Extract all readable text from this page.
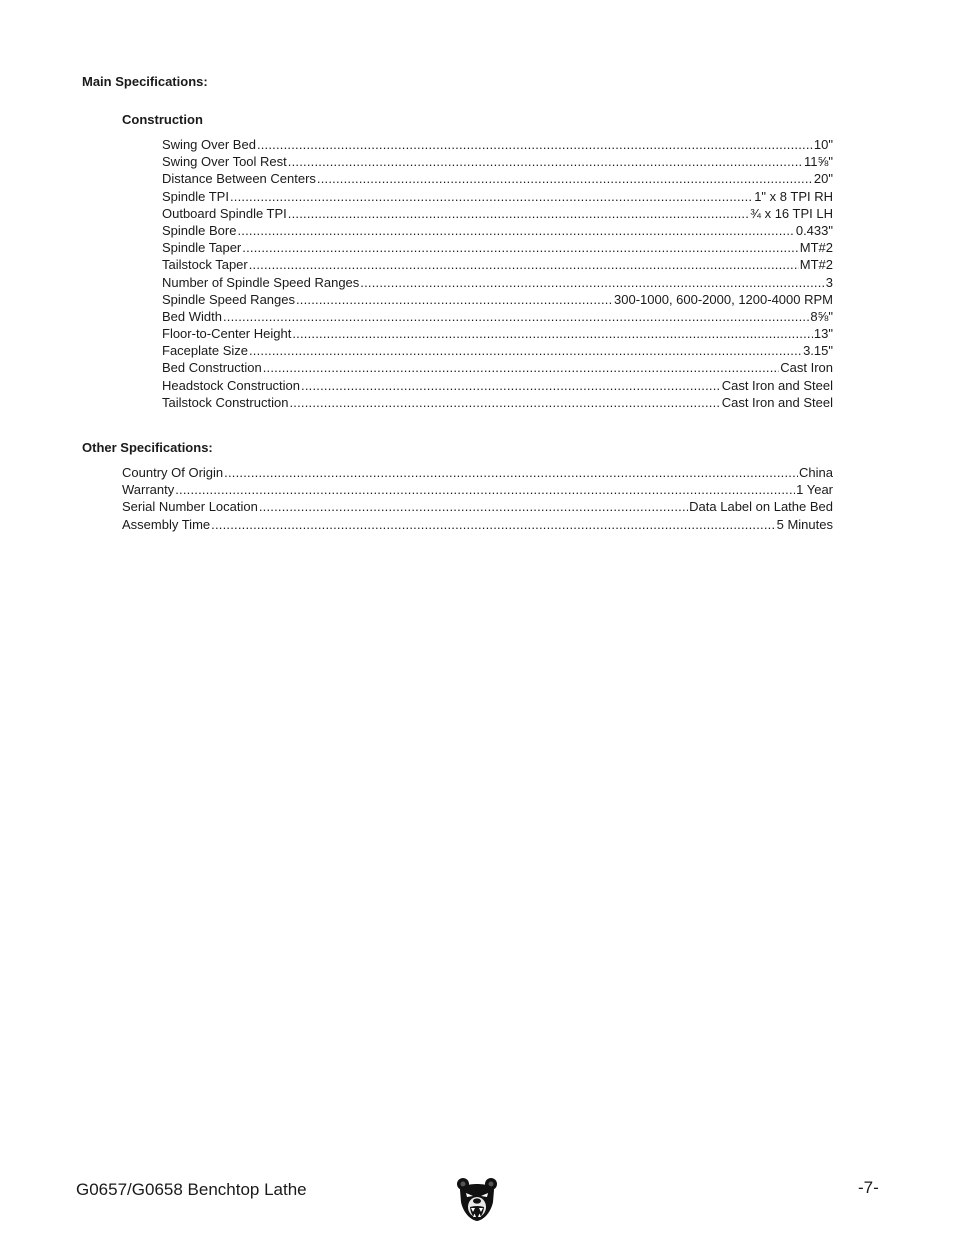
Main Specifications:
Construction
Swing Over Bed .....	10"
Swing Over Tool Rest .....	11⅝"
Distance Between Centers .....	20"
Spindle TPI .....	1" x 8 TPI RH
Outboard Spindle TPI .....	¾ x 16 TPI LH
Spindle Bore .....	0.433"
Spindle Taper .....	MT#2
Tailstock Taper .....	MT#2
Number of Spindle Speed Ranges .....	3
Spindle Speed Ranges .....	300-1000, 600-2000, 1200-4000 RPM
Bed Width .....	8⅝"
Floor-to-Center Height .....	13"
Faceplate Size .....	3.15"
Bed Construction .....	Cast Iron
Headstock Construction .....	Cast Iron and Steel
Tailstock Construction .....	Cast Iron and Steel
Other Specifications:
Country Of Origin .....	China
Warranty .....	1 Year
Serial Number Location .....	Data Label on Lathe Bed
Assembly Time .....	5 Minutes

G0657/G0658 Benchtop Lathe	-7-
